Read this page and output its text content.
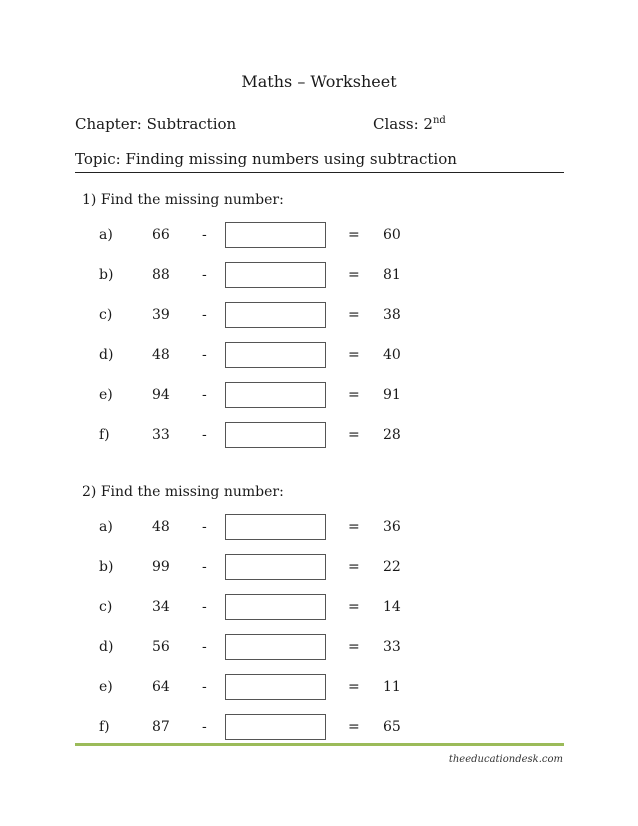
Maths – Worksheet
Chapter: Subtraction	Class: 2nd
Topic: Finding missing numbers using subtraction
1) Find the missing number:
a)	66 -	= 60
b)	88 -	= 81
c)	39 -	= 38
d)	48 -	= 40
e)	94 -	= 91
f)	33 -	= 28
2) Find the missing number:
a)	48 -	= 36
b)	99 -	= 22
c)	34 -	= 14
d)	56 -	= 33
e)	64 -	= 11
f)	87 -	= 65
theeducationdesk.com
